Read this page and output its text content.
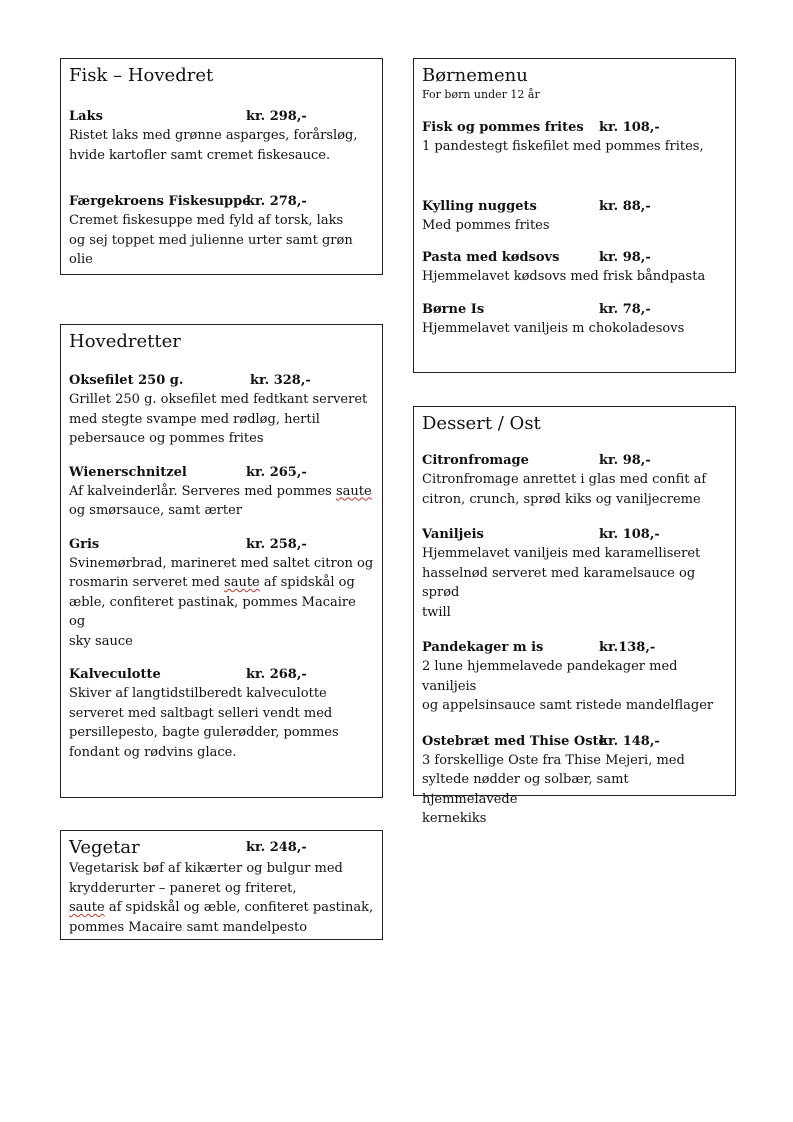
Fisk – Hovedret
Laks	kr. 298,-

Ristet laks med grønne asparges, forårsløg,

hvide kartofler samt cremet fiskesauce.

Færgekroens Fiskesuppe
kr. 278,-

Cremet fiskesuppe med fyld af torsk, laks

og sej toppet med julienne urter samt grøn olie

Hovedretter
Oksefilet 250 g.	kr. 328,-

Grillet 250 g. oksefilet med fedtkant serveret

med stegte svampe med rødløg, hertil

pebersauce og pommes frites

Wienerschnitzel	kr. 265,-

Af kalveinderlår. Serveres med pommes saute

og smørsauce, samt ærter

Gris	kr. 258,-

Svinemørbrad, marineret med saltet citron og

rosmarin serveret med saute af spidskål og

æble, confiteret pastinak, pommes Macaire og

sky sauce

Kalveculotte	kr. 268,-

Skiver af langtidstilberedt kalveculotte

serveret med saltbagt selleri vendt med

persillepesto, bagte gulerødder, pommes

fondant og rødvins glace.

Vegetar	kr. 248,-

Vegetarisk bøf af kikærter og bulgur med

krydderurter – paneret og friteret,

saute af spidskål og æble, confiteret pastinak,

pommes Macaire samt mandelpesto

Børnemenu
For børn under 12 år
Fisk og pommes frites kr. 108,-

1 pandestegt fiskefilet med pommes frites,

Kylling nuggets	kr. 88,-

Med pommes frites

Pasta med kødsovs	kr. 98,-

Hjemmelavet kødsovs med frisk båndpasta

Børne Is	kr. 78,-

Hjemmelavet vaniljeis m chokoladesovs

Dessert / Ost
Citronfromage	kr. 98,-

Citronfromage anrettet i glas med confit af

citron, crunch, sprød kiks og vaniljecreme

Vaniljeis	kr. 108,-

Hjemmelavet vaniljeis med karamelliseret

hasselnød serveret med karamelsauce og sprød

twill

Pandekager m is	kr.138,-

2 lune hjemmelavede pandekager med vaniljeis

og appelsinsauce samt ristede mandelflager

Ostebræt med Thise Oste
kr. 148,-

3 forskellige Oste fra Thise Mejeri, med

syltede nødder og solbær, samt hjemmelavede

kernekiks
